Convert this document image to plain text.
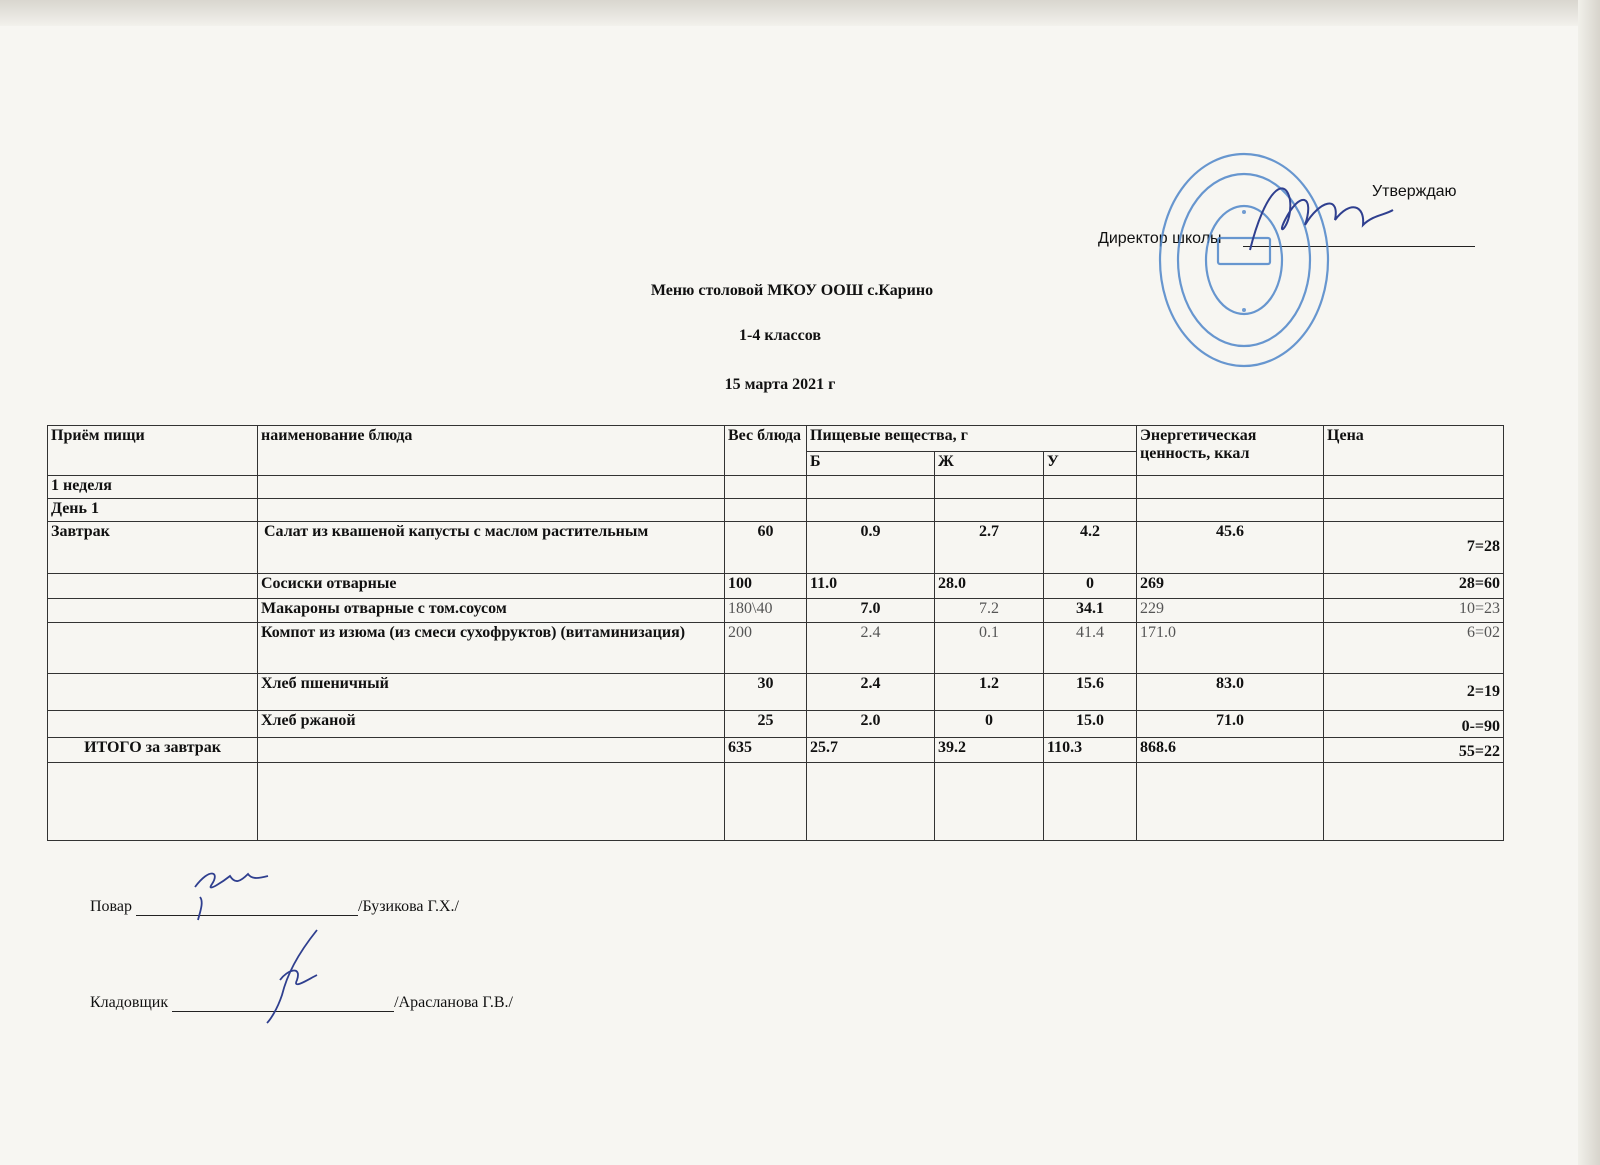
Утверждаю
Директор школы
Меню столовой МКОУ ООШ с.Карино
1-4 классов
15 марта 2021 г
Приём пищи	наименование блюда	Вес блюда	Пищевые вещества, г			Энергетическая ценность, ккал	Цена
			Б	Ж	У		
1 неделя							
День 1							
Завтрак	Салат из квашеной капусты с маслом растительным	60	0.9	2.7	4.2	45.6	7=28
	Сосиски отварные	100	11.0	28.0	0	269	28=60
	Макароны отварные с том.соусом	180\40	7.0	7.2	34.1	229	10=23
	Компот из изюма (из смеси сухофруктов) (витаминизация)	200	2.4	0.1	41.4	171.0	6=02
	Хлеб пшеничный	30	2.4	1.2	15.6	83.0	2=19
	Хлеб ржаной	25	2.0	0	15.0	71.0	0-=90
ИТОГО за завтрак		635	25.7	39.2	110.3	868.6	55=22

Повар	/Бузикова Г.Х./
Кладовщик	/Арасланова Г.В./
